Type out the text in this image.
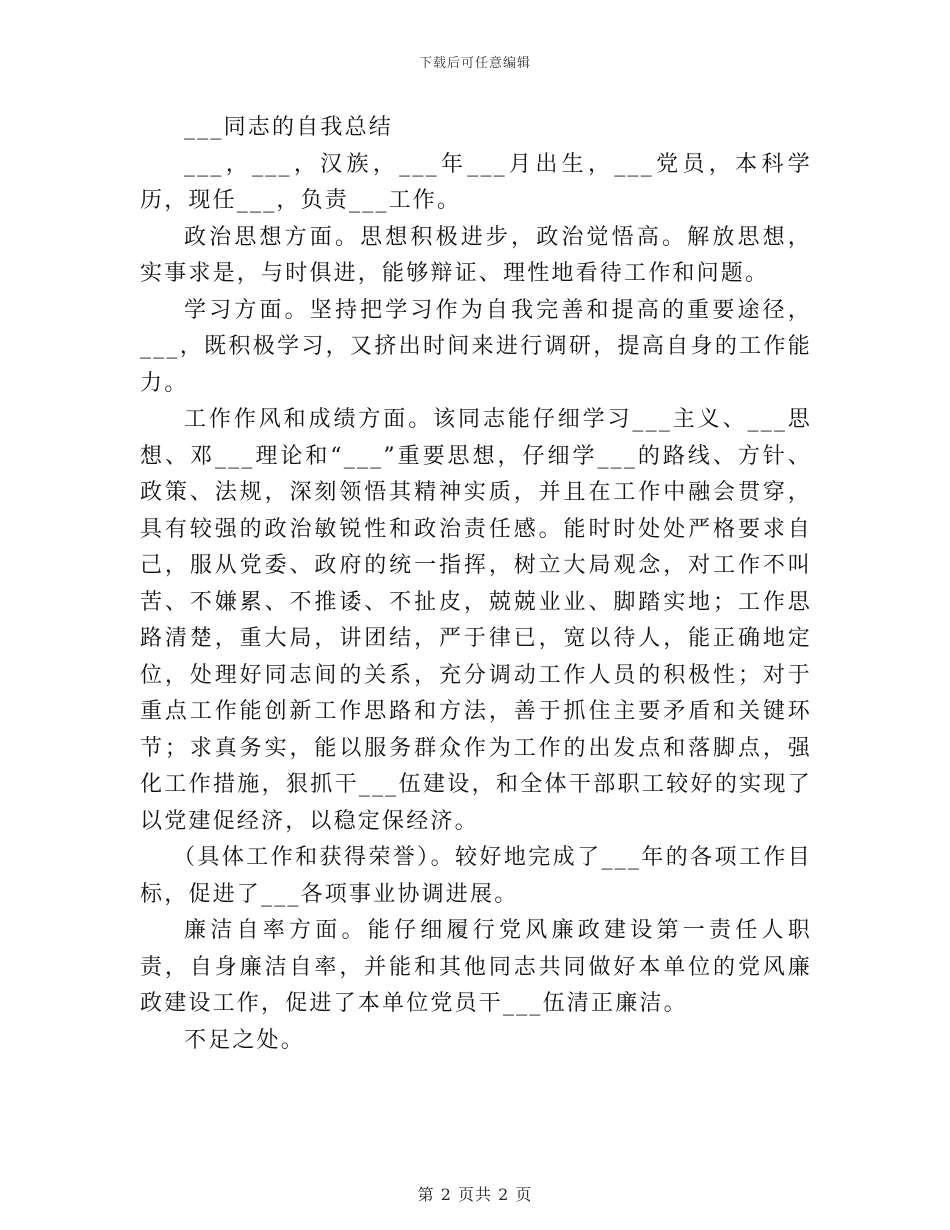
下载后可任意编辑

___同志的自我总结

___，___，汉族，___年___月出生，___党员，本科学历，现任___，负责___工作。

政治思想方面。思想积极进步，政治觉悟高。解放思想，实事求是，与时俱进，能够辩证、理性地看待工作和问题。

学习方面。坚持把学习作为自我完善和提高的重要途径，___，既积极学习，又挤出时间来进行调研，提高自身的工作能力。

工作作风和成绩方面。该同志能仔细学习___主义、___思想、邓___理论和“___”重要思想，仔细学___的路线、方针、政策、法规，深刻领悟其精神实质，并且在工作中融会贯穿，具有较强的政治敏锐性和政治责任感。能时时处处严格要求自己，服从党委、政府的统一指挥，树立大局观念，对工作不叫苦、不嫌累、不推诿、不扯皮，兢兢业业、脚踏实地；工作思路清楚，重大局，讲团结，严于律已，宽以待人，能正确地定位，处理好同志间的关系，充分调动工作人员的积极性；对于重点工作能创新工作思路和方法，善于抓住主要矛盾和关键环节；求真务实，能以服务群众作为工作的出发点和落脚点，强化工作措施，狠抓干___伍建设，和全体干部职工较好的实现了以党建促经济，以稳定保经济。

（具体工作和获得荣誉）。较好地完成了___年的各项工作目标，促进了___各项事业协调进展。

廉洁自率方面。能仔细履行党风廉政建设第一责任人职责，自身廉洁自率，并能和其他同志共同做好本单位的党风廉政建设工作，促进了本单位党员干___伍清正廉洁。

不足之处。

第 2 页共 2 页
